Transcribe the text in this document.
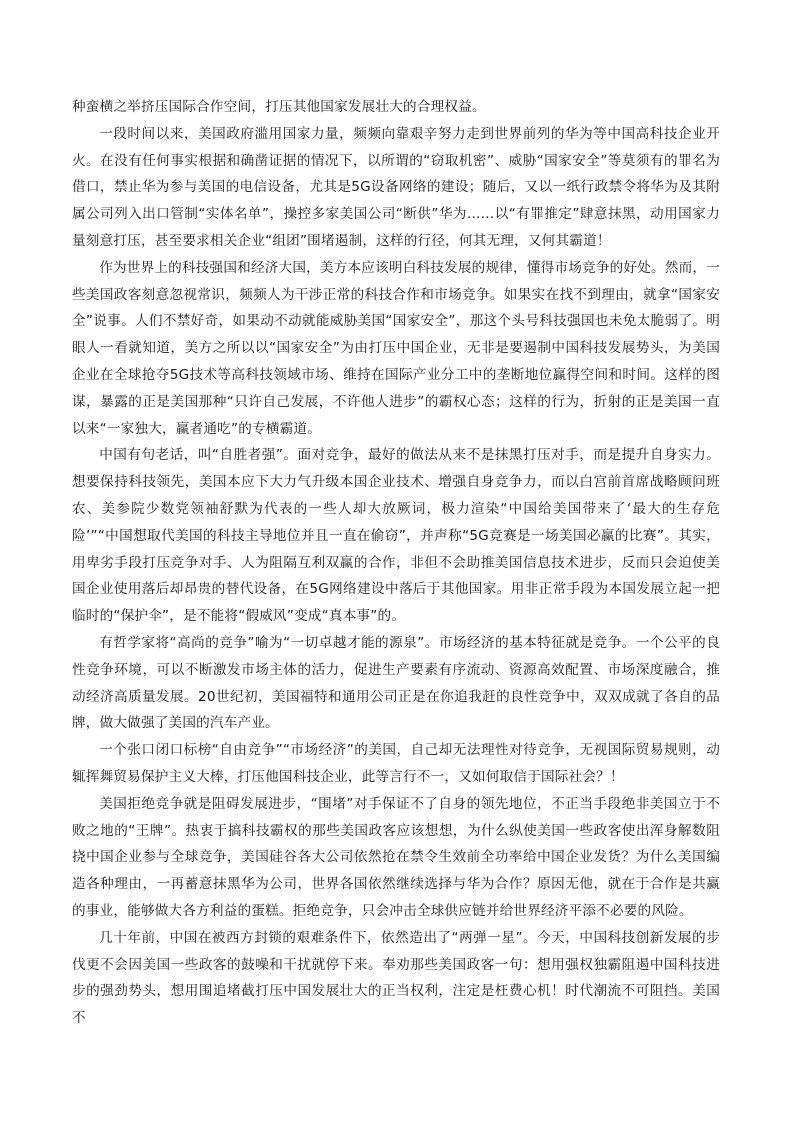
种蛮横之举挤压国际合作空间，打压其他国家发展壮大的合理权益。

一段时间以来，美国政府滥用国家力量，频频向靠艰辛努力走到世界前列的华为等中国高科技企业开火。在没有任何事实根据和确凿证据的情况下，以所谓的“窃取机密”、威胁“国家安全”等莫须有的罪名为借口，禁止华为参与美国的电信设备，尤其是5G设备网络的建设；随后，又以一纸行政禁令将华为及其附属公司列入出口管制“实体名单”，操控多家美国公司“断供”华为……以“有罪推定”肆意抹黑，动用国家力量刻意打压，甚至要求相关企业“组团”围堵遏制，这样的行径，何其无理，又何其霸道！

作为世界上的科技强国和经济大国，美方本应该明白科技发展的规律，懂得市场竞争的好处。然而，一些美国政客刻意忽视常识，频频人为干涉正常的科技合作和市场竞争。如果实在找不到理由，就拿“国家安全”说事。人们不禁好奇，如果动不动就能威胁美国“国家安全”，那这个头号科技强国也未免太脆弱了。明眼人一看就知道，美方之所以以“国家安全”为由打压中国企业，无非是要遏制中国科技发展势头，为美国企业在全球抢夺5G技术等高科技领域市场、维持在国际产业分工中的垄断地位赢得空间和时间。这样的图谋，暴露的正是美国那种“只许自己发展，不许他人进步”的霸权心态；这样的行为，折射的正是美国一直以来“一家独大，赢者通吃”的专横霸道。

中国有句老话，叫“自胜者强”。面对竞争，最好的做法从来不是抹黑打压对手，而是提升自身实力。想要保持科技领先，美国本应下大力气升级本国企业技术、增强自身竞争力，而以白宫前首席战略顾问班农、美参院少数党领袖舒默为代表的一些人却大放厥词，极力渲染“中国给美国带来了‘最大的生存危险’”“中国想取代美国的科技主导地位并且一直在偷窃”，并声称“5G竞赛是一场美国必赢的比赛”。其实，用卑劣手段打压竞争对手、人为阻隔互利双赢的合作，非但不会助推美国信息技术进步，反而只会迫使美国企业使用落后却昂贵的替代设备，在5G网络建设中落后于其他国家。用非正常手段为本国发展立起一把临时的“保护伞”，是不能将“假威风”变成“真本事”的。

有哲学家将“高尚的竞争”喻为“一切卓越才能的源泉”。市场经济的基本特征就是竞争。一个公平的良性竞争环境，可以不断激发市场主体的活力，促进生产要素有序流动、资源高效配置、市场深度融合，推动经济高质量发展。20世纪初，美国福特和通用公司正是在你追我赶的良性竞争中，双双成就了各自的品牌，做大做强了美国的汽车产业。

一个张口闭口标榜“自由竞争”“市场经济”的美国，自己却无法理性对待竞争，无视国际贸易规则，动辄挥舞贸易保护主义大棒，打压他国科技企业，此等言行不一，又如何取信于国际社会？！

美国拒绝竞争就是阻碍发展进步，“围堵”对手保证不了自身的领先地位，不正当手段绝非美国立于不败之地的“王牌”。热衷于搞科技霸权的那些美国政客应该想想，为什么纵使美国一些政客使出浑身解数阻挠中国企业参与全球竞争，美国硅谷各大公司依然抢在禁令生效前全功率给中国企业发货？为什么美国编造各种理由，一再蓄意抹黑华为公司，世界各国依然继续选择与华为合作？原因无他，就在于合作是共赢的事业，能够做大各方利益的蛋糕。拒绝竞争，只会冲击全球供应链并给世界经济平添不必要的风险。

几十年前，中国在被西方封锁的艰难条件下，依然造出了“两弹一星”。今天，中国科技创新发展的步伐更不会因美国一些政客的鼓噪和干扰就停下来。奉劝那些美国政客一句：想用强权独霸阻遏中国科技进步的强劲势头，想用围追堵截打压中国发展壮大的正当权利，注定是枉费心机！时代潮流不可阻挡。美国不
